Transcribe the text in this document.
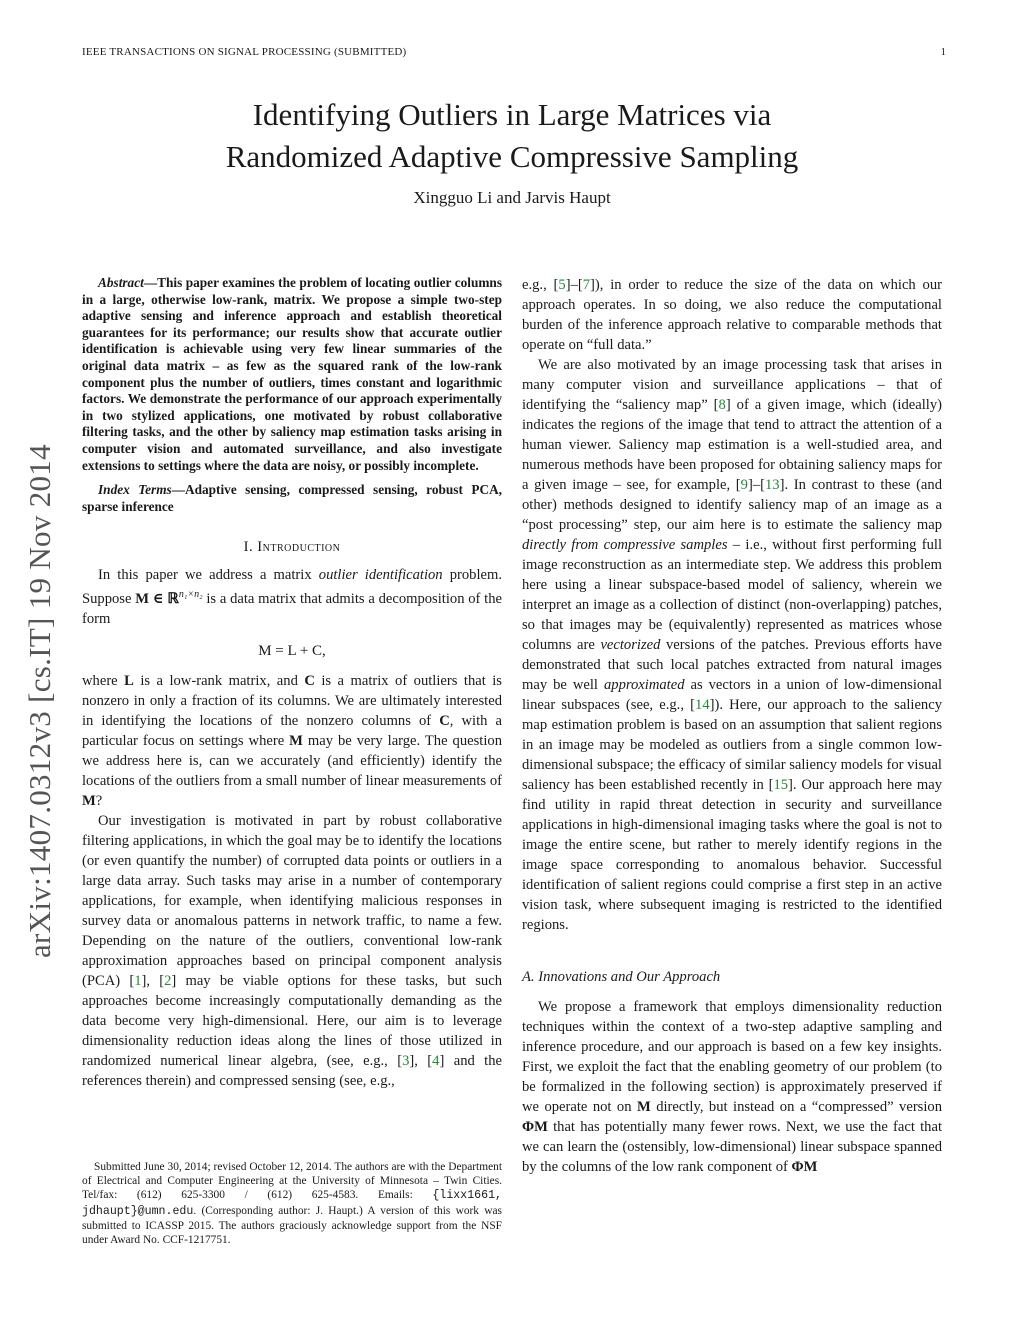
IEEE TRANSACTIONS ON SIGNAL PROCESSING (SUBMITTED)	1
Identifying Outliers in Large Matrices via
Randomized Adaptive Compressive Sampling
Xingguo Li and Jarvis Haupt
arXiv:1407.0312v3 [cs.IT] 19 Nov 2014
Abstract—This paper examines the problem of locating outlier columns in a large, otherwise low-rank, matrix. We propose a simple two-step adaptive sensing and inference approach and establish theoretical guarantees for its performance; our results show that accurate outlier identification is achievable using very few linear summaries of the original data matrix – as few as the squared rank of the low-rank component plus the number of outliers, times constant and logarithmic factors. We demonstrate the performance of our approach experimentally in two stylized applications, one motivated by robust collaborative filtering tasks, and the other by saliency map estimation tasks arising in computer vision and automated surveillance, and also investigate extensions to settings where the data are noisy, or possibly incomplete.
Index Terms—Adaptive sensing, compressed sensing, robust PCA, sparse inference
I. Introduction

In this paper we address a matrix outlier identification problem. Suppose M ∈ ℝ$^{n_1\times n_2}$ is a data matrix that admits a decomposition of the form

M = L + C,

where L is a low-rank matrix, and C is a matrix of outliers that is nonzero in only a fraction of its columns. We are ultimately interested in identifying the locations of the nonzero columns of C, with a particular focus on settings where M may be very large. The question we address here is, can we accurately (and efficiently) identify the locations of the outliers from a small number of linear measurements of M?

Our investigation is motivated in part by robust collaborative filtering applications, in which the goal may be to identify the locations (or even quantify the number) of corrupted data points or outliers in a large data array. Such tasks may arise in a number of contemporary applications, for example, when identifying malicious responses in survey data or anomalous patterns in network traffic, to name a few. Depending on the nature of the outliers, conventional low-rank approximation approaches based on principal component analysis (PCA) [1], [2] may be viable options for these tasks, but such approaches become increasingly computationally demanding as the data become very high-dimensional. Here, our aim is to leverage dimensionality reduction ideas along the lines of those utilized in randomized numerical linear algebra, (see, e.g., [3], [4] and the references therein) and compressed sensing (see, e.g.,

Submitted June 30, 2014; revised October 12, 2014. The authors are with the Department of Electrical and Computer Engineering at the University of Minnesota – Twin Cities. Tel/fax: (612) 625-3300 / (612) 625-4583. Emails: {lixx1661, jdhaupt}@umn.edu. (Corresponding author: J. Haupt.) A version of this work was submitted to ICASSP 2015. The authors graciously acknowledge support from the NSF under Award No. CCF-1217751.

e.g., [5]–[7]), in order to reduce the size of the data on which our approach operates. In so doing, we also reduce the computational burden of the inference approach relative to comparable methods that operate on “full data.”

We are also motivated by an image processing task that arises in many computer vision and surveillance applications – that of identifying the “saliency map” [8] of a given image, which (ideally) indicates the regions of the image that tend to attract the attention of a human viewer. Saliency map estimation is a well-studied area, and numerous methods have been proposed for obtaining saliency maps for a given image – see, for example, [9]–[13]. In contrast to these (and other) methods designed to identify saliency map of an image as a “post processing” step, our aim here is to estimate the saliency map directly from compressive samples – i.e., without first performing full image reconstruction as an intermediate step. We address this problem here using a linear subspace-based model of saliency, wherein we interpret an image as a collection of distinct (non-overlapping) patches, so that images may be (equivalently) represented as matrices whose columns are vectorized versions of the patches. Previous efforts have demonstrated that such local patches extracted from natural images may be well approximated as vectors in a union of low-dimensional linear subspaces (see, e.g., [14]). Here, our approach to the saliency map estimation problem is based on an assumption that salient regions in an image may be modeled as outliers from a single common low-dimensional subspace; the efficacy of similar saliency models for visual saliency has been established recently in [15]. Our approach here may find utility in rapid threat detection in security and surveillance applications in high-dimensional imaging tasks where the goal is not to image the entire scene, but rather to merely identify regions in the image space corresponding to anomalous behavior. Successful identification of salient regions could comprise a first step in an active vision task, where subsequent imaging is restricted to the identified regions.

A. Innovations and Our Approach

We propose a framework that employs dimensionality reduction techniques within the context of a two-step adaptive sampling and inference procedure, and our approach is based on a few key insights. First, we exploit the fact that the enabling geometry of our problem (to be formalized in the following section) is approximately preserved if we operate not on M directly, but instead on a “compressed” version ΦM that has potentially many fewer rows. Next, we use the fact that we can learn the (ostensibly, low-dimensional) linear subspace spanned by the columns of the low rank component of ΦM
